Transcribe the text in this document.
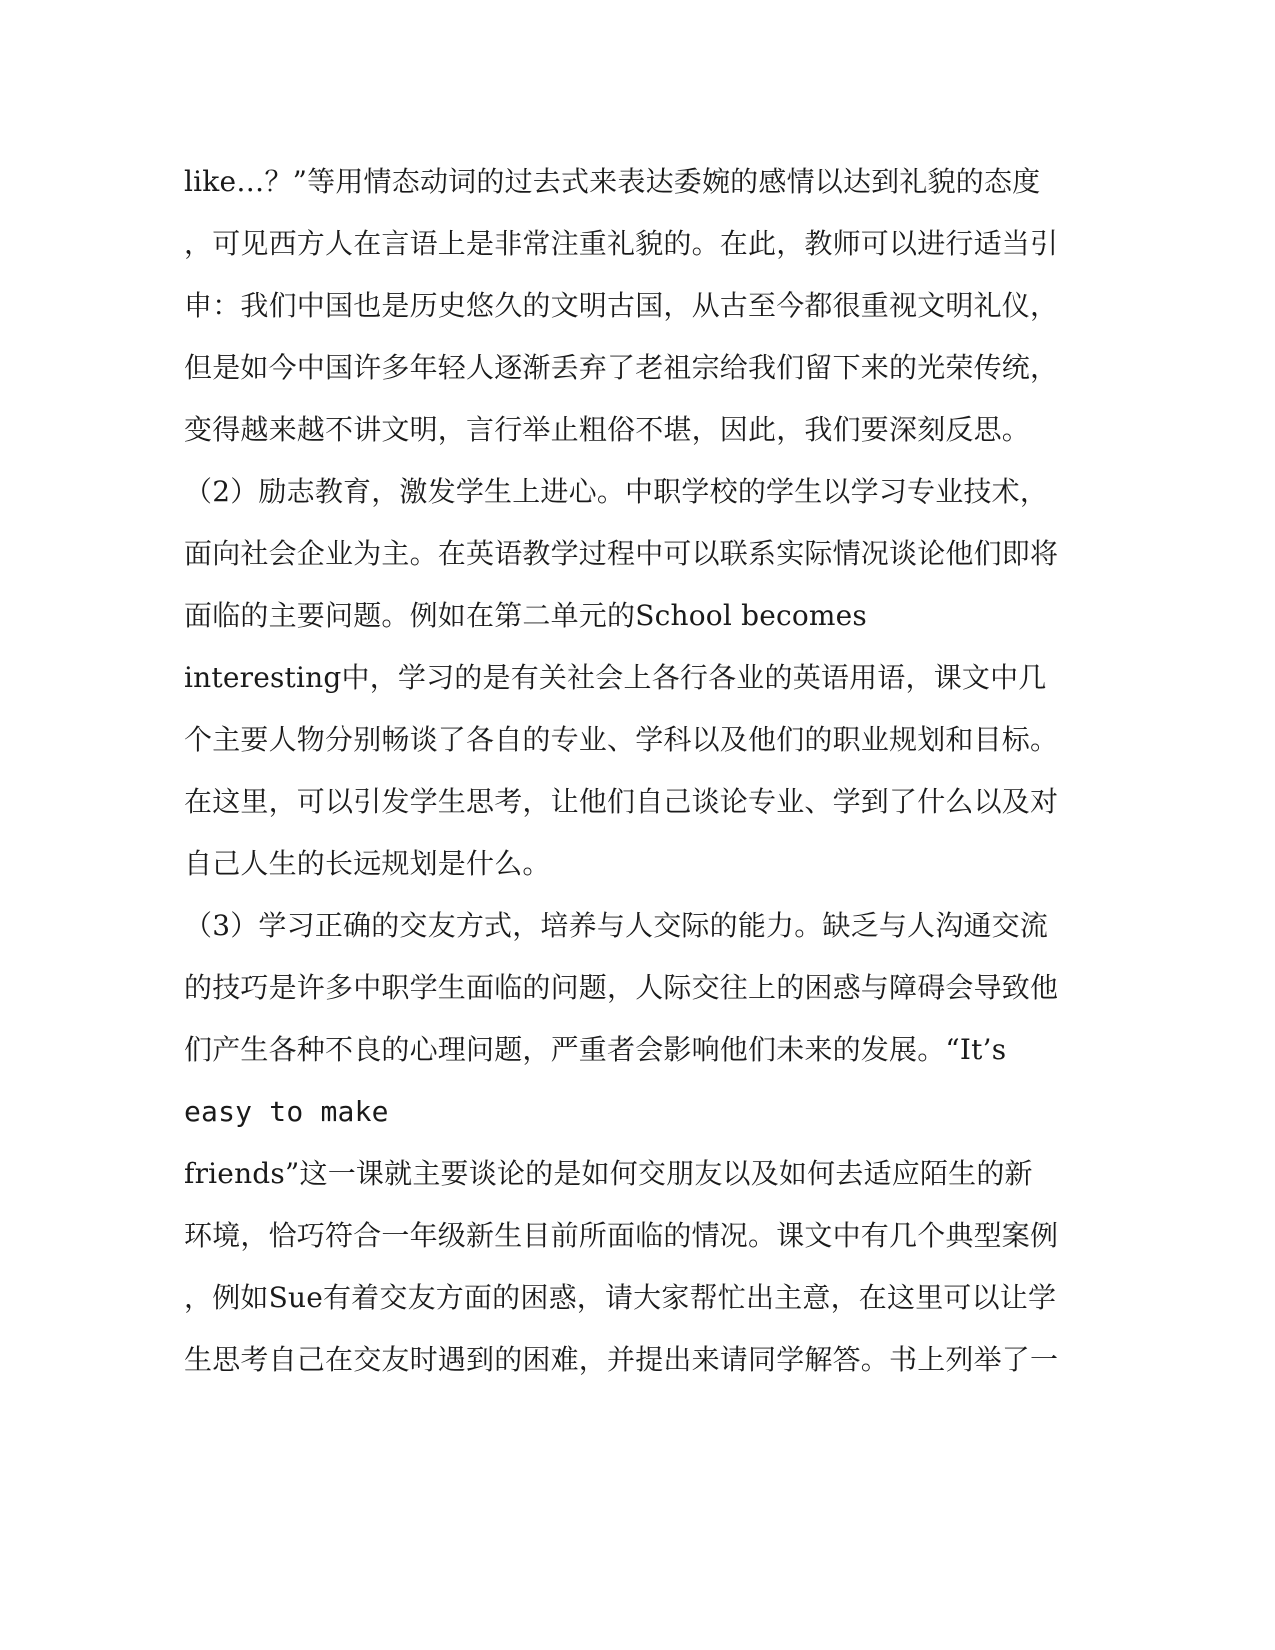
like…？”等用情态动词的过去式来表达委婉的感情以达到礼貌的态度
，可见西方人在言语上是非常注重礼貌的。在此，教师可以进行适当引
申：我们中国也是历史悠久的文明古国，从古至今都很重视文明礼仪，
但是如今中国许多年轻人逐渐丢弃了老祖宗给我们留下来的光荣传统，
变得越来越不讲文明，言行举止粗俗不堪，因此，我们要深刻反思。
（2）励志教育，激发学生上进心。中职学校的学生以学习专业技术，
面向社会企业为主。在英语教学过程中可以联系实际情况谈论他们即将
面临的主要问题。例如在第二单元的School becomes
interesting中，学习的是有关社会上各行各业的英语用语，课文中几
个主要人物分别畅谈了各自的专业、学科以及他们的职业规划和目标。
在这里，可以引发学生思考，让他们自己谈论专业、学到了什么以及对
自己人生的长远规划是什么。
（3）学习正确的交友方式，培养与人交际的能力。缺乏与人沟通交流
的技巧是许多中职学生面临的问题，人际交往上的困惑与障碍会导致他
们产生各种不良的心理问题，严重者会影响他们未来的发展。“It’s
easy to make
friends”这一课就主要谈论的是如何交朋友以及如何去适应陌生的新
环境，恰巧符合一年级新生目前所面临的情况。课文中有几个典型案例
，例如Sue有着交友方面的困惑，请大家帮忙出主意，在这里可以让学
生思考自己在交友时遇到的困难，并提出来请同学解答。书上列举了一
